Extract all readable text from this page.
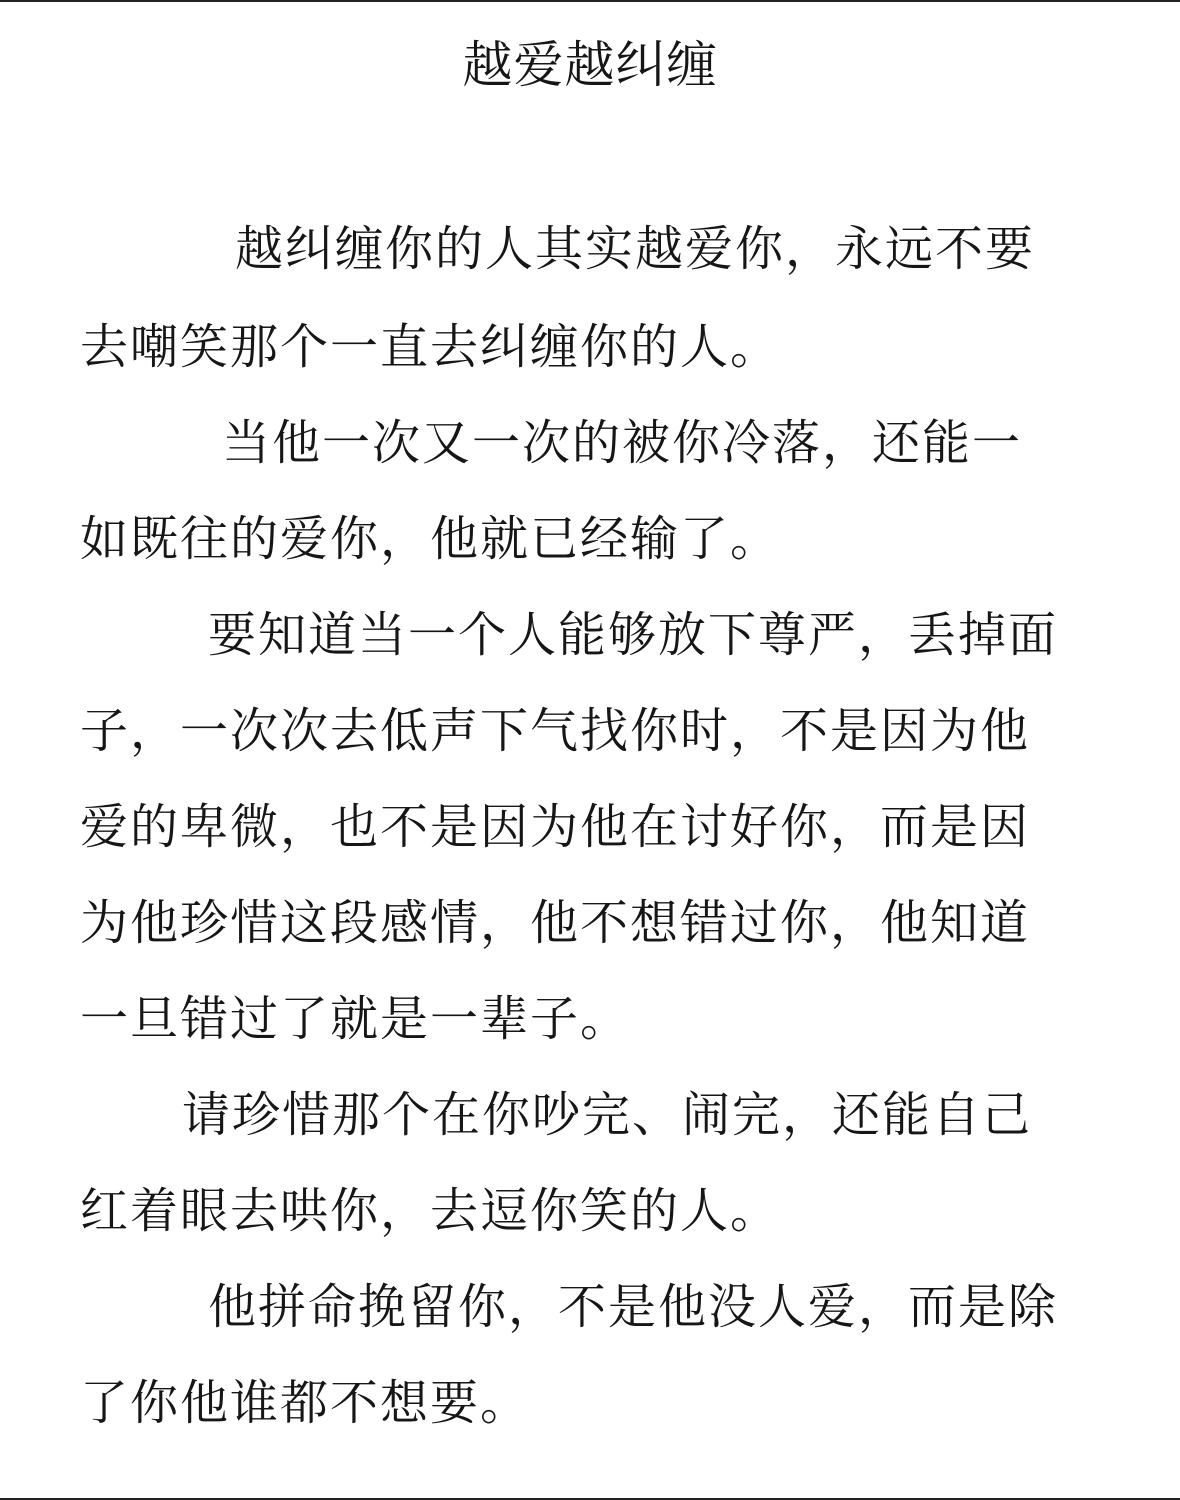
越爱越纠缠
越纠缠你的人其实越爱你，永远不要
去嘲笑那个一直去纠缠你的人。
当他一次又一次的被你冷落，还能一
如既往的爱你，他就已经输了。
要知道当一个人能够放下尊严，丢掉面
子，一次次去低声下气找你时，不是因为他
爱的卑微，也不是因为他在讨好你，而是因
为他珍惜这段感情，他不想错过你，他知道
一旦错过了就是一辈子。
请珍惜那个在你吵完、闹完，还能自己
红着眼去哄你，去逗你笑的人。
他拼命挽留你，不是他没人爱，而是除
了你他谁都不想要。
